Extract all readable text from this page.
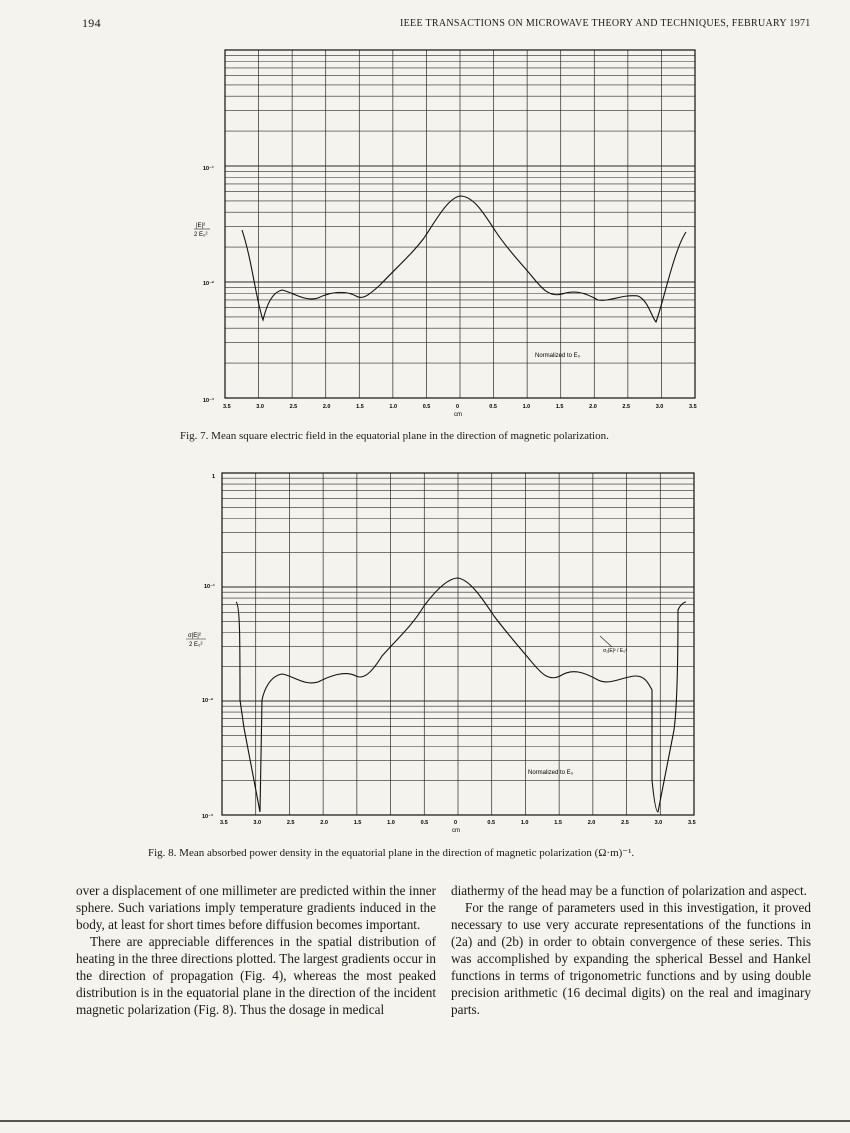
194	IEEE TRANSACTIONS ON MICROWAVE THEORY AND TECHNIQUES, FEBRUARY 1971
10⁻¹
10⁻²
10⁻³
|E|²
2 E₀²
3.5	3.0	2.5	2.0	1.5	1.0	0.5	0	0.5	1.0	1.5	2.0	2.5	3.0	3.5
cm
Normalized to E₀
Fig. 7. Mean square electric field in the equatorial plane in the direction of magnetic polarization.
1
10⁻¹
10⁻²
10⁻³
σ|E|²
2 E₀²
3.5	3.0	2.5	2.0	1.5	1.0	0.5	0	0.5	1.0	1.5	2.0	2.5	3.0	3.5
cm
Normalized to E₀
σ₂|E|² / E₀²
Fig. 8. Mean absorbed power density in the equatorial plane in the direction of magnetic polarization (Ω·m)⁻¹.

over a displacement of one millimeter are predicted within the inner sphere. Such variations imply temperature gradients induced in the body, at least for short times before diffusion becomes important.

There are appreciable differences in the spatial distribution of heating in the three directions plotted. The largest gradients occur in the direction of propagation (Fig. 4), whereas the most peaked distribution is in the equatorial plane in the direction of the incident magnetic polarization (Fig. 8). Thus the dosage in medical

diathermy of the head may be a function of polarization and aspect.

For the range of parameters used in this investigation, it proved necessary to use very accurate representations of the functions in (2a) and (2b) in order to obtain convergence of these series. This was accomplished by expanding the spherical Bessel and Hankel functions in terms of trigonometric functions and by using double precision arithmetic (16 decimal digits) on the real and imaginary parts.
